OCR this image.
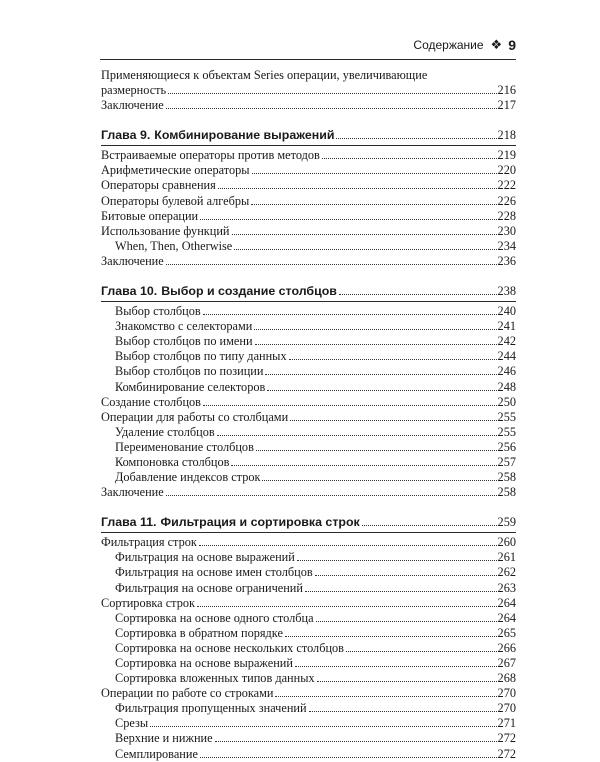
Содержание ❖ 9
Применяющиеся к объектам Series операции, увеличивающие
размерность	216
Заключение	217
Глава 9. Комбинирование выражений	218
Встраиваемые операторы против методов	219
Арифметические операторы	220
Операторы сравнения	222
Операторы булевой алгебры	226
Битовые операции	228
Использование функций	230
When, Then, Otherwise	234
Заключение	236
Глава 10. Выбор и создание столбцов	238
Выбор столбцов	240
Знакомство с селекторами	241
Выбор столбцов по имени	242
Выбор столбцов по типу данных	244
Выбор столбцов по позиции	246
Комбинирование селекторов	248
Создание столбцов	250
Операции для работы со столбцами	255
Удаление столбцов	255
Переименование столбцов	256
Компоновка столбцов	257
Добавление индексов строк	258
Заключение	258
Глава 11. Фильтрация и сортировка строк	259
Фильтрация строк	260
Фильтрация на основе выражений	261
Фильтрация на основе имен столбцов	262
Фильтрация на основе ограничений	263
Сортировка строк	264
Сортировка на основе одного столбца	264
Сортировка в обратном порядке	265
Сортировка на основе нескольких столбцов	266
Сортировка на основе выражений	267
Сортировка вложенных типов данных	268
Операции по работе со строками	270
Фильтрация пропущенных значений	270
Срезы	271
Верхние и нижние	272
Семплирование	272
